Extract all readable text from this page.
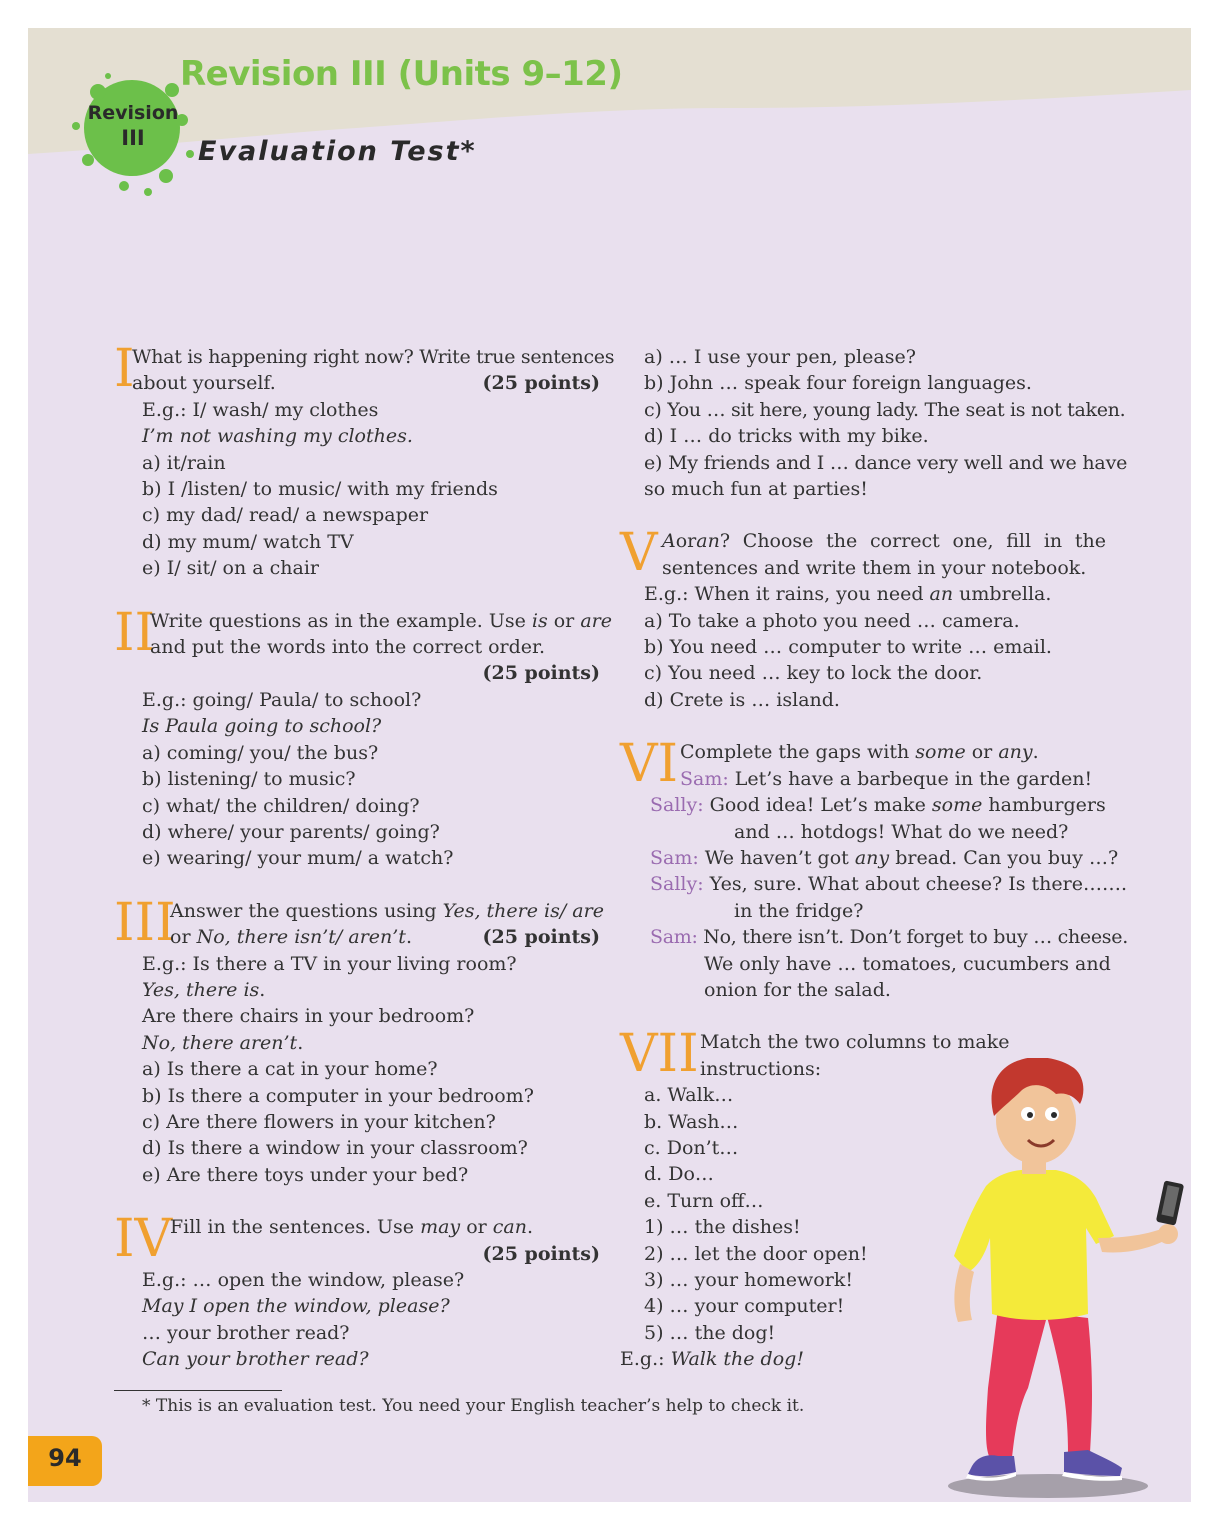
Revision
III
Revision III (Units 9–12)
Evaluation Test*
I
What is happening right now? Write true sentences
about yourself.	(25 points)
E.g.: I/ wash/ my clothes
I’m not washing my clothes.
a) it/rain
b) I /listen/ to music/ with my friends
c) my dad/ read/ a newspaper
d) my mum/ watch TV
e) I/ sit/ on a chair
II
Write questions as in the example. Use is or are
and put the words into the correct order.
(25 points)
E.g.: going/ Paula/ to school?
Is Paula going to school?
a) coming/ you/ the bus?
b) listening/ to music?
c) what/ the children/ doing?
d) where/ your parents/ going?
e) wearing/ your mum/ a watch?
III
Answer the questions using Yes, there is/ are
or No, there isn’t/ aren’t.	(25 points)
E.g.: Is there a TV in your living room?
Yes, there is.
Are there chairs in your bedroom?
No, there aren’t.
a) Is there a cat in your home?
b) Is there a computer in your bedroom?
c) Are there flowers in your kitchen?
d) Is there a window in your classroom?
e) Are there toys under your bed?
IV
Fill in the sentences. Use may or can.
(25 points)
E.g.: … open the window, please?
May I open the window, please?
… your brother read?
Can your brother read?
a) … I use your pen, please?
b) John … speak four foreign languages.
c) You … sit here, young lady. The seat is not taken.
d) I … do tricks with my bike.
e) My friends and I … dance very well and we have
so much fun at parties!
V A or an ? Choose the correct one, fill in the
sentences and write them in your notebook.
E.g.: When it rains, you need an umbrella.
a) To take a photo you need … camera.
b) You need … computer to write … email.
c) You need … key to lock the door.
d) Crete is … island.
VI Complete the gaps with some or any.
Sam: Let’s have a barbeque in the garden!
Sally: Good idea! Let’s make some hamburgers
and … hotdogs! What do we need?
Sam: We haven’t got any bread. Can you buy …?
Sally: Yes, sure. What about cheese? Is there…….
in the fridge?
Sam: No, there isn’t. Don’t forget to buy … cheese.
We only have … tomatoes, cucumbers and
onion for the salad.
VII Match the two columns to make
instructions:
a. Walk…
b. Wash…
c. Don’t…
d. Do…
e. Turn off…
1) … the dishes!
2) … let the door open!
3) … your homework!
4) … your computer!
5) … the dog!
E.g.: Walk the dog!
* This is an evaluation test. You need your English teacher’s help to check it.
94
